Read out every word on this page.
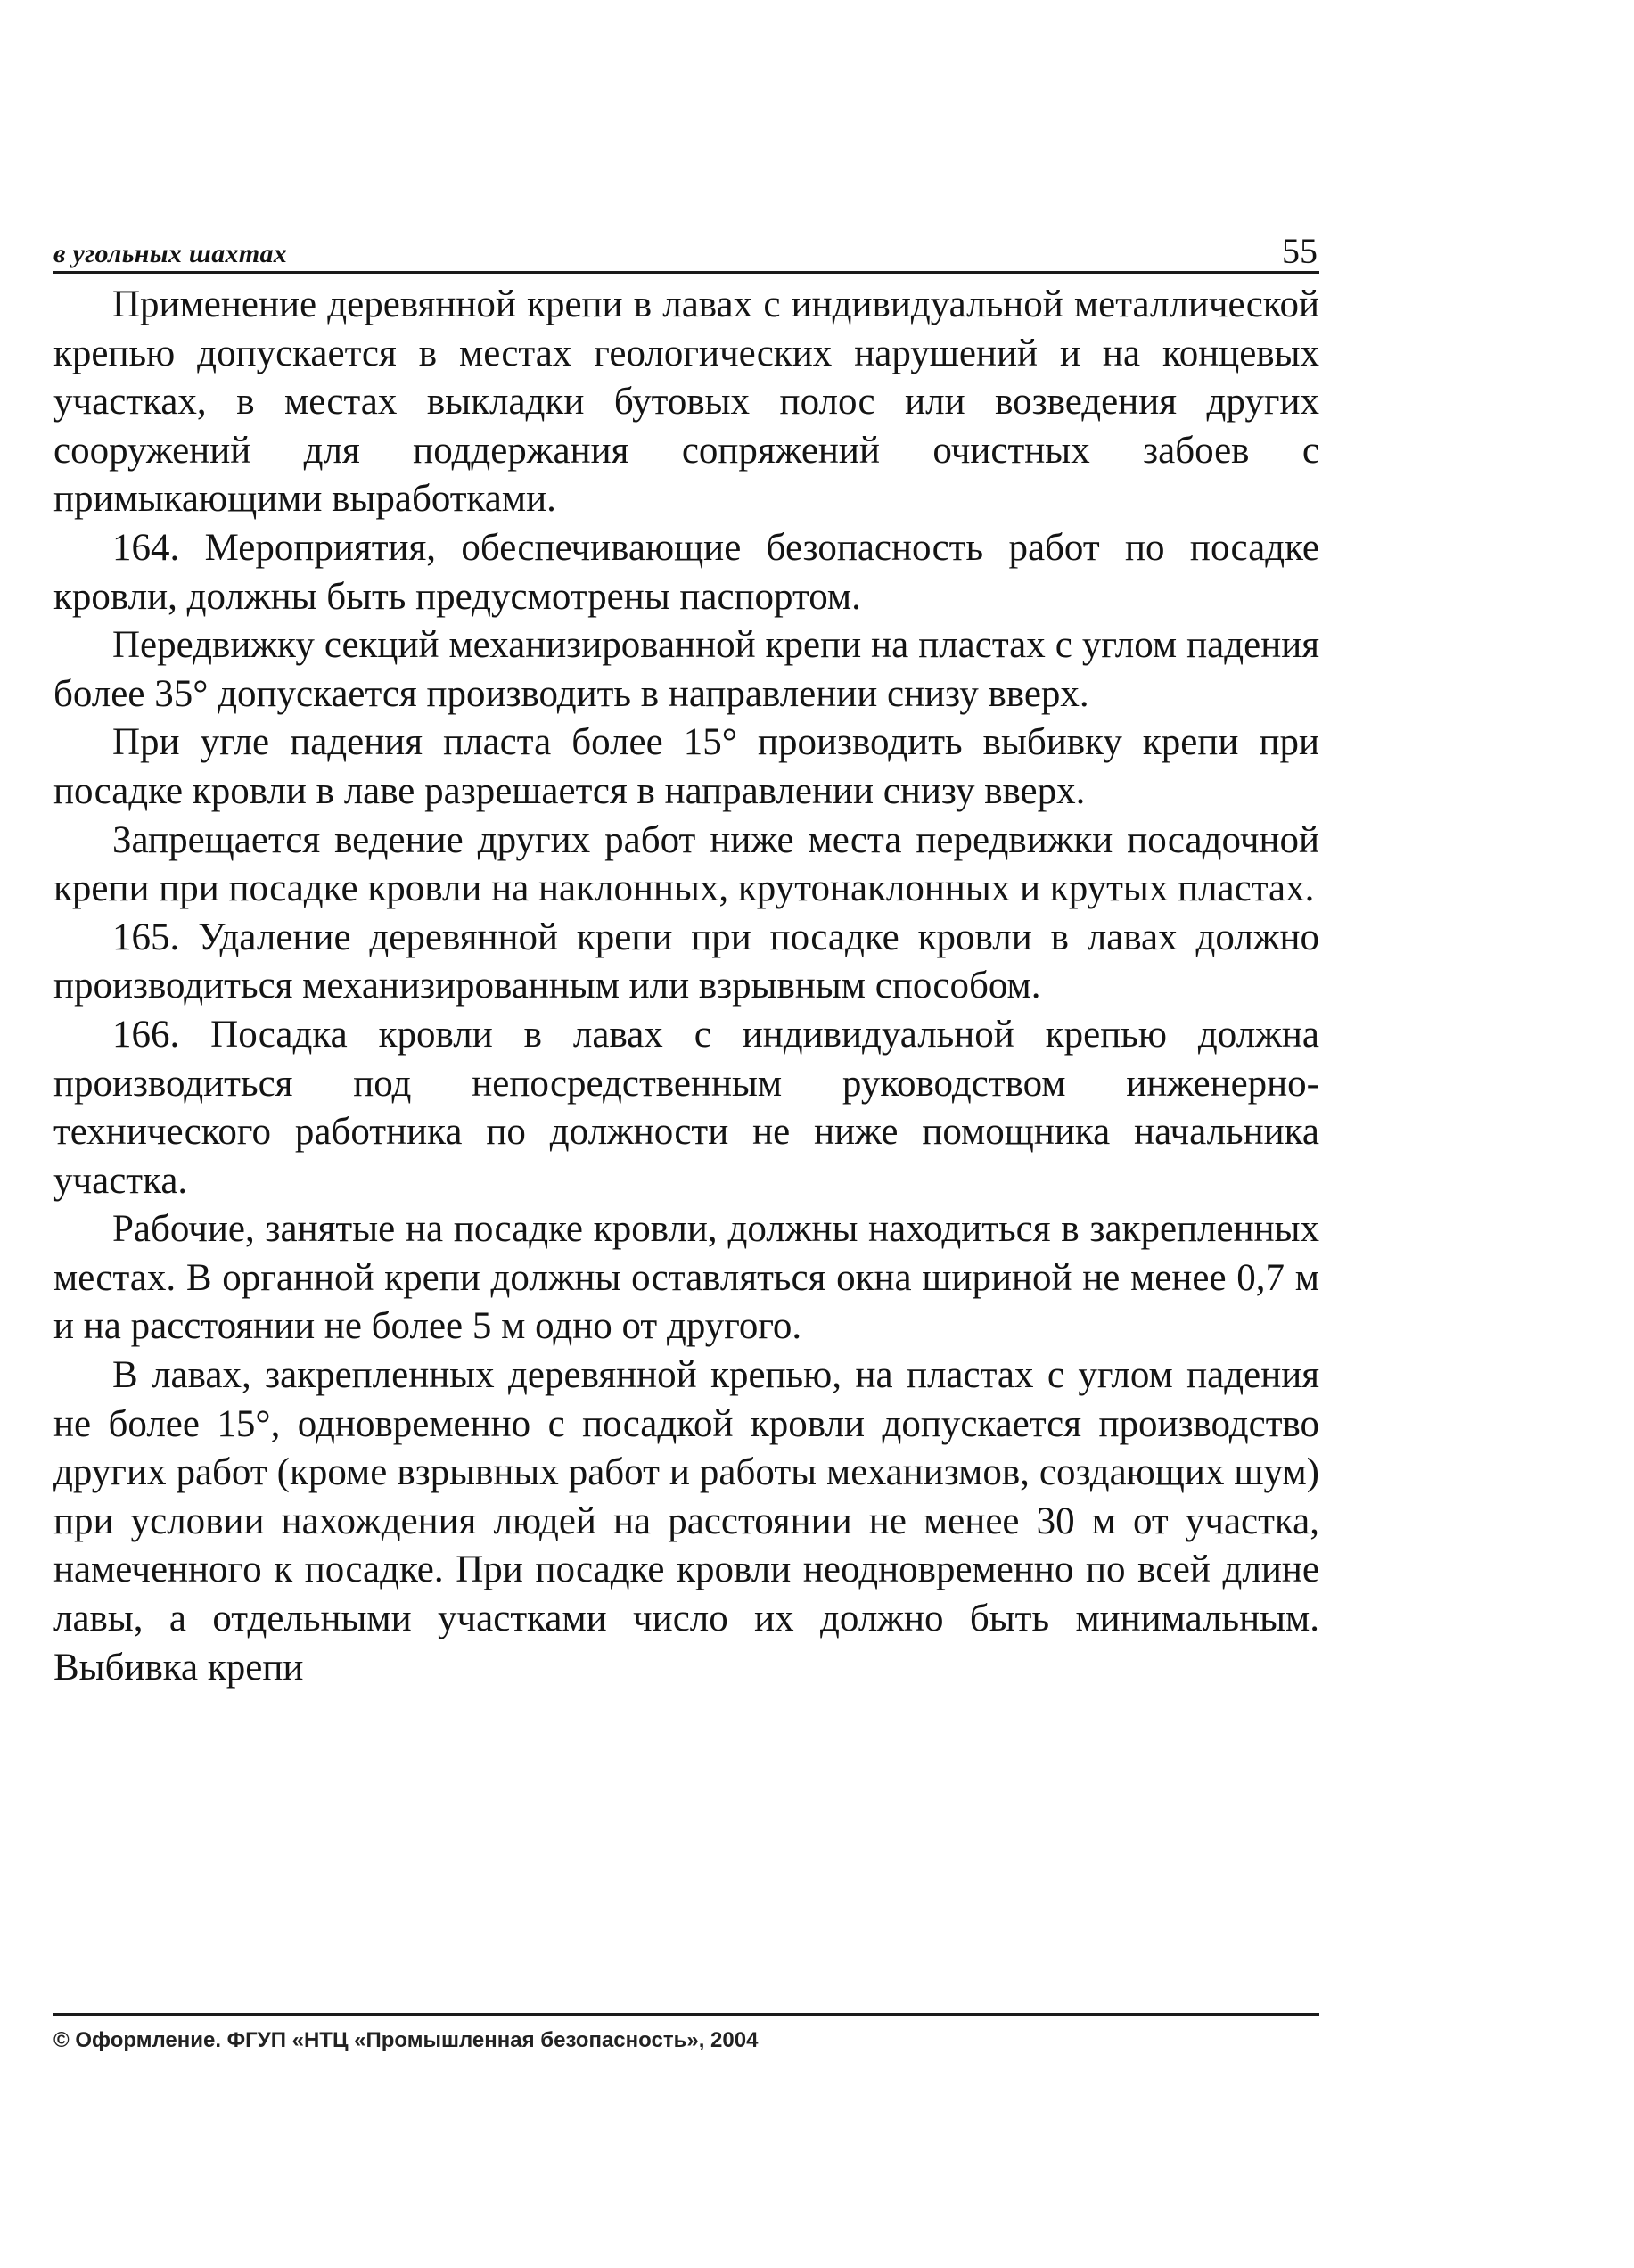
в угольных шахтах	55

Применение деревянной крепи в лавах с индивидуальной металлической крепью допускается в местах геологических нарушений и на концевых участках, в местах выкладки бутовых полос или возведения других сооружений для поддержания сопряжений очистных забоев с примыкающими выработками.

164. Мероприятия, обеспечивающие безопасность работ по посадке кровли, должны быть предусмотрены паспортом.

Передвижку секций механизированной крепи на пластах с углом падения более 35° допускается производить в направлении снизу вверх.

При угле падения пласта более 15° производить выбивку крепи при посадке кровли в лаве разрешается в направлении снизу вверх.

Запрещается ведение других работ ниже места передвижки посадочной крепи при посадке кровли на наклонных, крутонаклонных и крутых пластах.

165. Удаление деревянной крепи при посадке кровли в лавах должно производиться механизированным или взрывным способом.

166. Посадка кровли в лавах с индивидуальной крепью должна производиться под непосредственным руководством инженерно-технического работника по должности не ниже помощника начальника участка.

Рабочие, занятые на посадке кровли, должны находиться в закрепленных местах. В органной крепи должны оставляться окна шириной не менее 0,7 м и на расстоянии не более 5 м одно от другого.

В лавах, закрепленных деревянной крепью, на пластах с углом падения не более 15°, одновременно с посадкой кровли допускается производство других работ (кроме взрывных работ и работы механизмов, создающих шум) при условии нахождения людей на расстоянии не менее 30 м от участка, намеченного к посадке. При посадке кровли неодновременно по всей длине лавы, а отдельными участками число их должно быть минимальным. Выбивка крепи

© Оформление. ФГУП «НТЦ «Промышленная безопасность», 2004
